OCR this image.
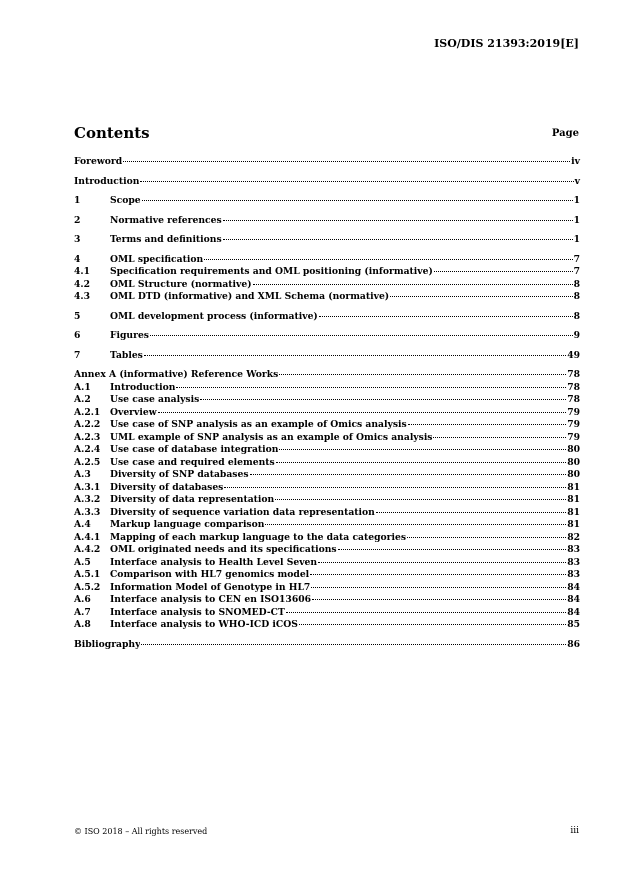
ISO/DIS 21393:2019[E]
Contents	Page
Foreword	iv
Introduction	v
1	Scope	1
2	Normative references	1
3	Terms and definitions	1
4	OML specification	7
4.1	Specification requirements and OML positioning (informative)	7
4.2	OML Structure (normative)	8
4.3	OML DTD (informative) and XML Schema (normative)	8
5	OML development process (informative)	8
6	Figures	9
7	Tables	49
Annex A (informative) Reference Works	78
A.1	Introduction	78
A.2	Use case analysis	78
A.2.1	Overview	79
A.2.2	Use case of SNP analysis as an example of Omics analysis	79
A.2.3	UML example of SNP analysis as an example of Omics analysis	79
A.2.4	Use case of database integration	80
A.2.5	Use case and required elements	80
A.3	Diversity of SNP databases	80
A.3.1	Diversity of databases	81
A.3.2	Diversity of data representation	81
A.3.3	Diversity of sequence variation data representation	81
A.4	Markup language comparison	81
A.4.1	Mapping of each markup language to the data categories	82
A.4.2	OML originated needs and its specifications	83
A.5	Interface analysis to Health Level Seven	83
A.5.1	Comparison with HL7 genomics model	83
A.5.2	Information Model of Genotype in HL7	84
A.6	Interface analysis to CEN en ISO13606	84
A.7	Interface analysis to SNOMED-CT	84
A.8	Interface analysis to WHO-ICD iCOS	85
Bibliography	86
© ISO 2018 – All rights reserved	iii
